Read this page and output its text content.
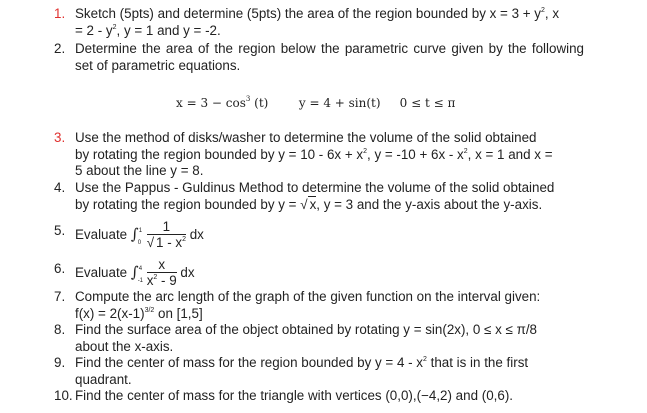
1. Sketch (5pts) and determine (5pts) the area of the region bounded by $x = 3 + y^2$, x
= $2 - y^2$, y = 1 and y = -2.
2. Determine the area of the region below the parametric curve given by the following set of parametric equations.
$x = 3 - \cos^3 (t)$	y = 4 + sin(t) 0 ≤ t ≤ π
3. Use the method of disks/washer to determine the volume of the solid obtained
by rotating the region bounded by $y = 10 - 6x + x^2$, $y = -10 + 6x - x^2$, x = 1 and x =
5 about the line y = 8.
4. Use the Pappus - Guldinus Method to determine the volume of the solid obtained
by rotating the region bounded by y = √ x, y = 3 and the y-axis about the y-axis.
5. Evaluate ∫ 1
$0 \frac{1}{√ 1 - x^2}$ dx
6. Evaluate ∫ 4
$-1 \frac{x}{x^2 - 9}$ dx
7. Compute the arc length of the graph of the given function on the interval given:
$f(x) = 2(x-1)^{3/2}$ on [1,5]
8. Find the surface area of the object obtained by rotating y = sin(2x), 0 ≤ x ≤ π/8
about the x-axis.
9. Find the center of mass for the region bounded by $y = 4 - x^2$ that is in the first
quadrant.
10. Find the center of mass for the triangle with vertices (0,0),(−4,2) and (0,6).
